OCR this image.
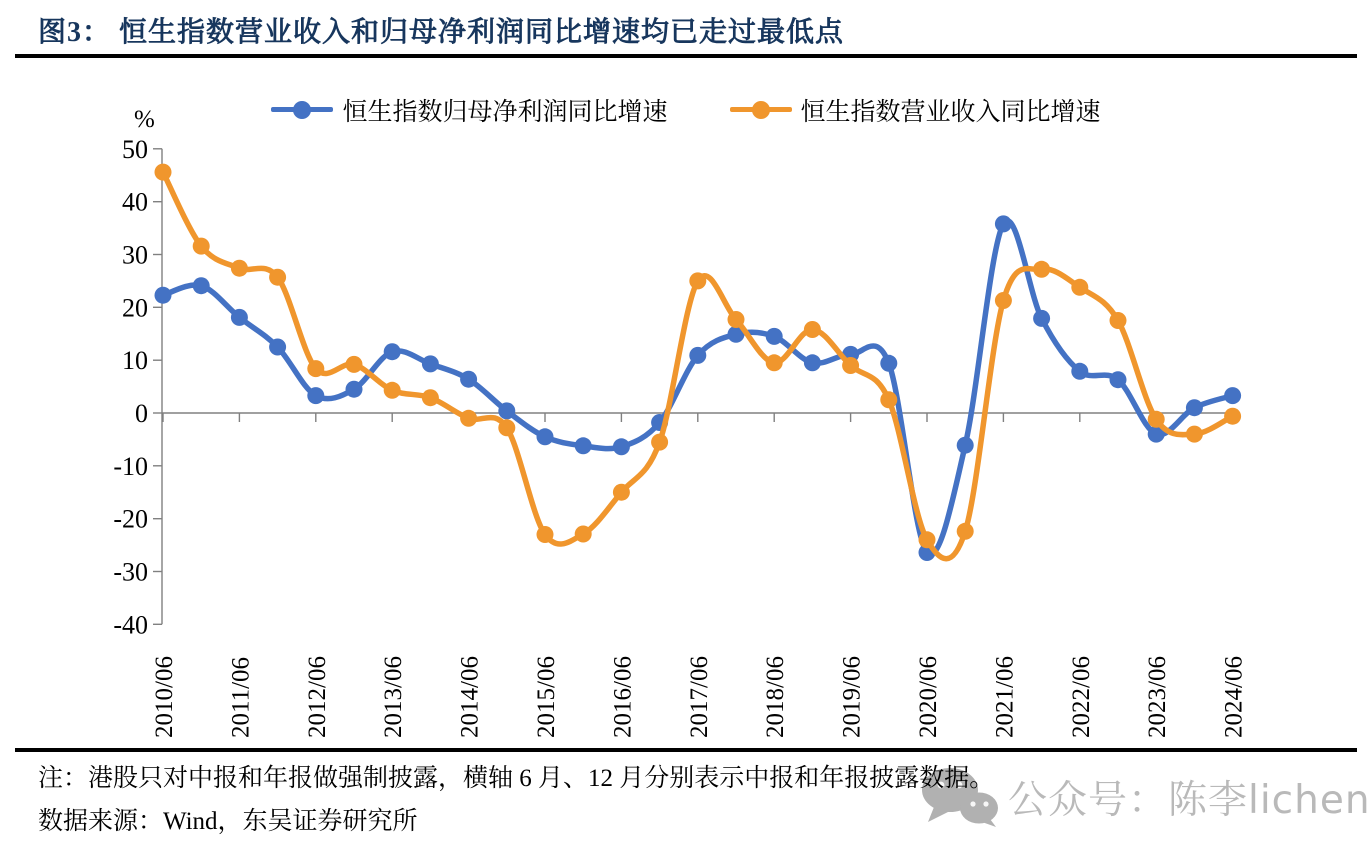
图3： 恒生指数营业收入和归母净利润同比增速均已走过最低点
恒生指数归母净利润同比增速	恒生指数营业收入同比增速
%
50
40
30
20
10
0
-10
-20
-30
-40
2010/06 2011/06 2012/06 2013/06 2014/06 2015/06 2016/06 2017/06 2018/06 2019/06 2020/06 2021/06 2022/06 2023/06 2024/06
注：港股只对中报和年报做强制披露，横轴 6 月、12 月分别表示中报和年报披露数据。
数据来源：Wind，东吴证券研究所	公众号：陈李lichen
